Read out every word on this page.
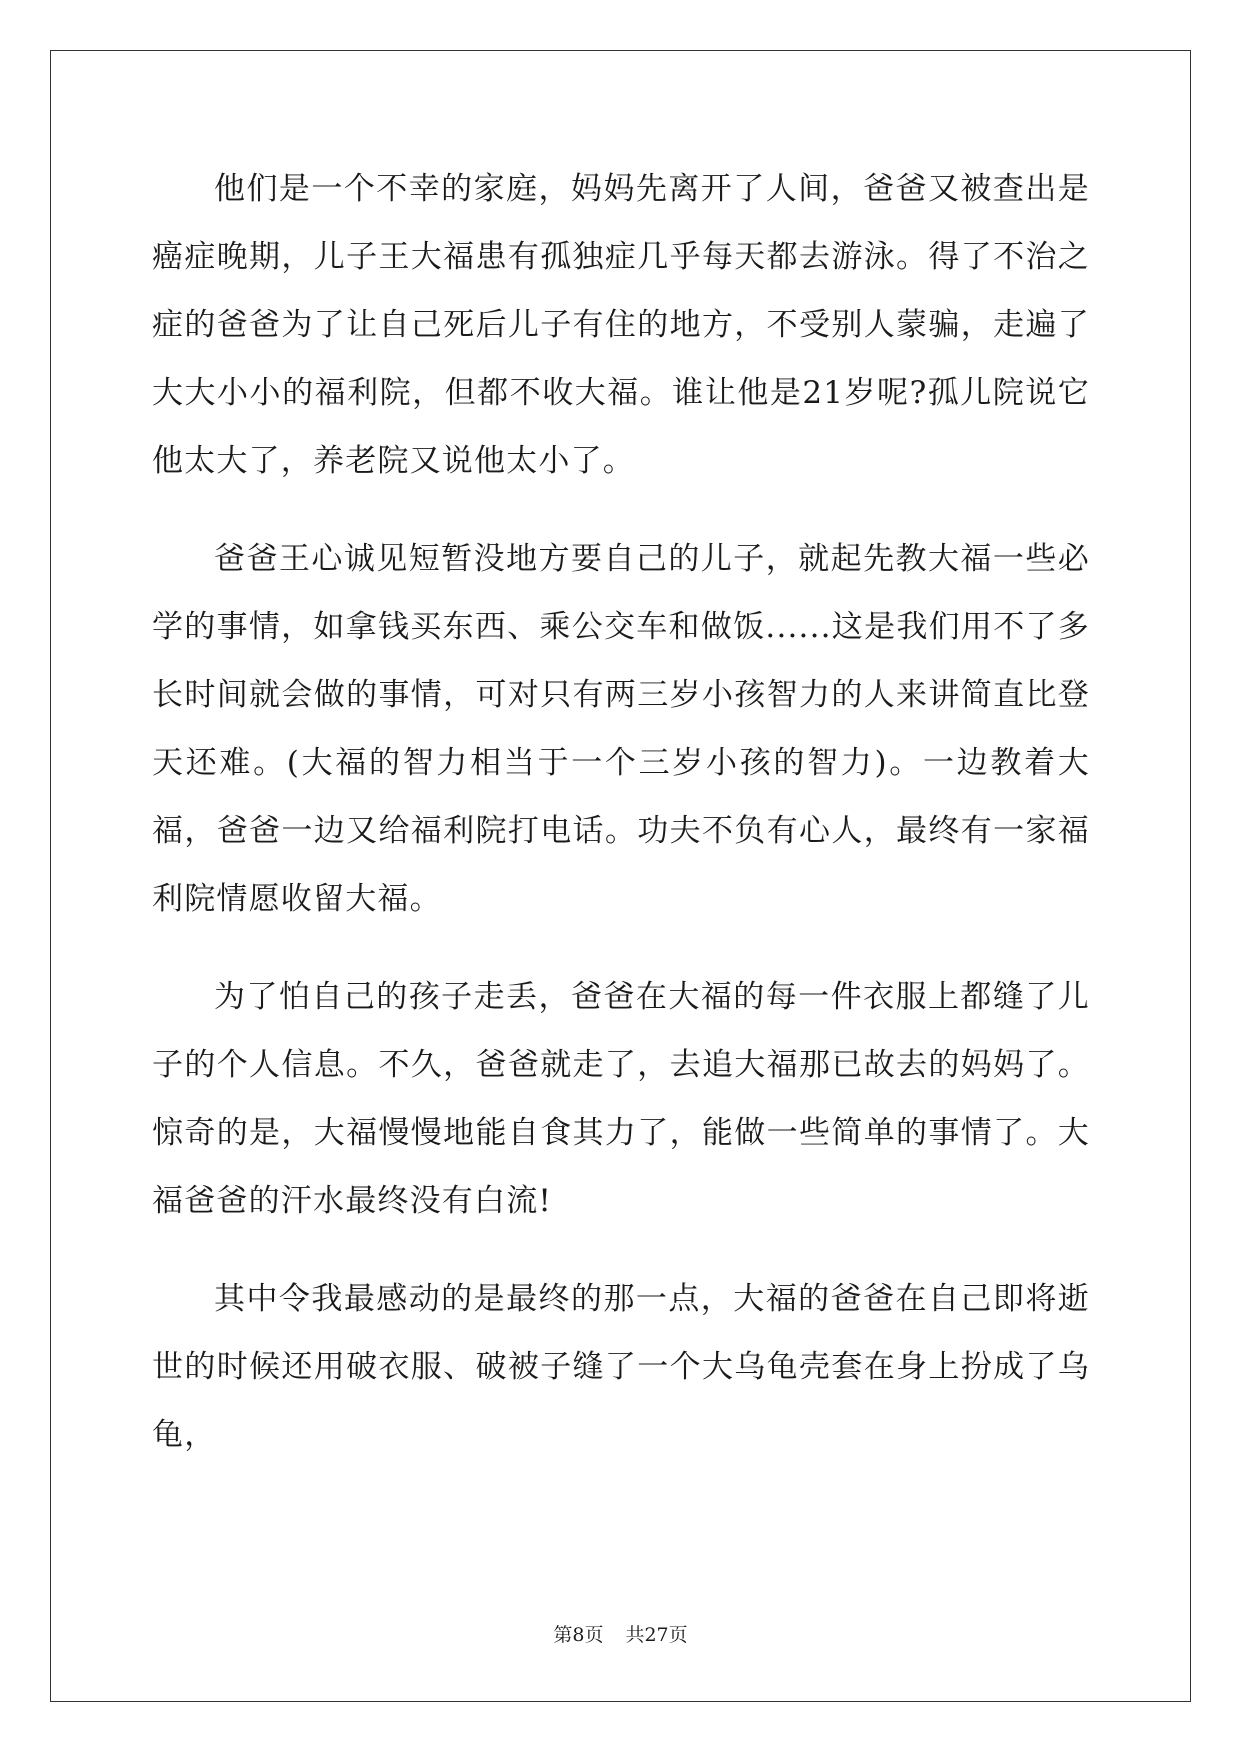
他们是一个不幸的家庭，妈妈先离开了人间，爸爸又被查出是癌症晚期，儿子王大福患有孤独症几乎每天都去游泳。得了不治之症的爸爸为了让自己死后儿子有住的地方，不受别人蒙骗，走遍了大大小小的福利院，但都不收大福。谁让他是21岁呢?孤儿院说它他太大了，养老院又说他太小了。

爸爸王心诚见短暂没地方要自己的儿子，就起先教大福一些必学的事情，如拿钱买东西、乘公交车和做饭......这是我们用不了多长时间就会做的事情，可对只有两三岁小孩智力的人来讲简直比登天还难。(大福的智力相当于一个三岁小孩的智力)。一边教着大福，爸爸一边又给福利院打电话。功夫不负有心人，最终有一家福利院情愿收留大福。

为了怕自己的孩子走丢，爸爸在大福的每一件衣服上都缝了儿子的个人信息。不久，爸爸就走了，去追大福那已故去的妈妈了。惊奇的是，大福慢慢地能自食其力了，能做一些简单的事情了。大福爸爸的汗水最终没有白流!

其中令我最感动的是最终的那一点，大福的爸爸在自己即将逝世的时候还用破衣服、破被子缝了一个大乌龟壳套在身上扮成了乌龟，

第8页 共27页
